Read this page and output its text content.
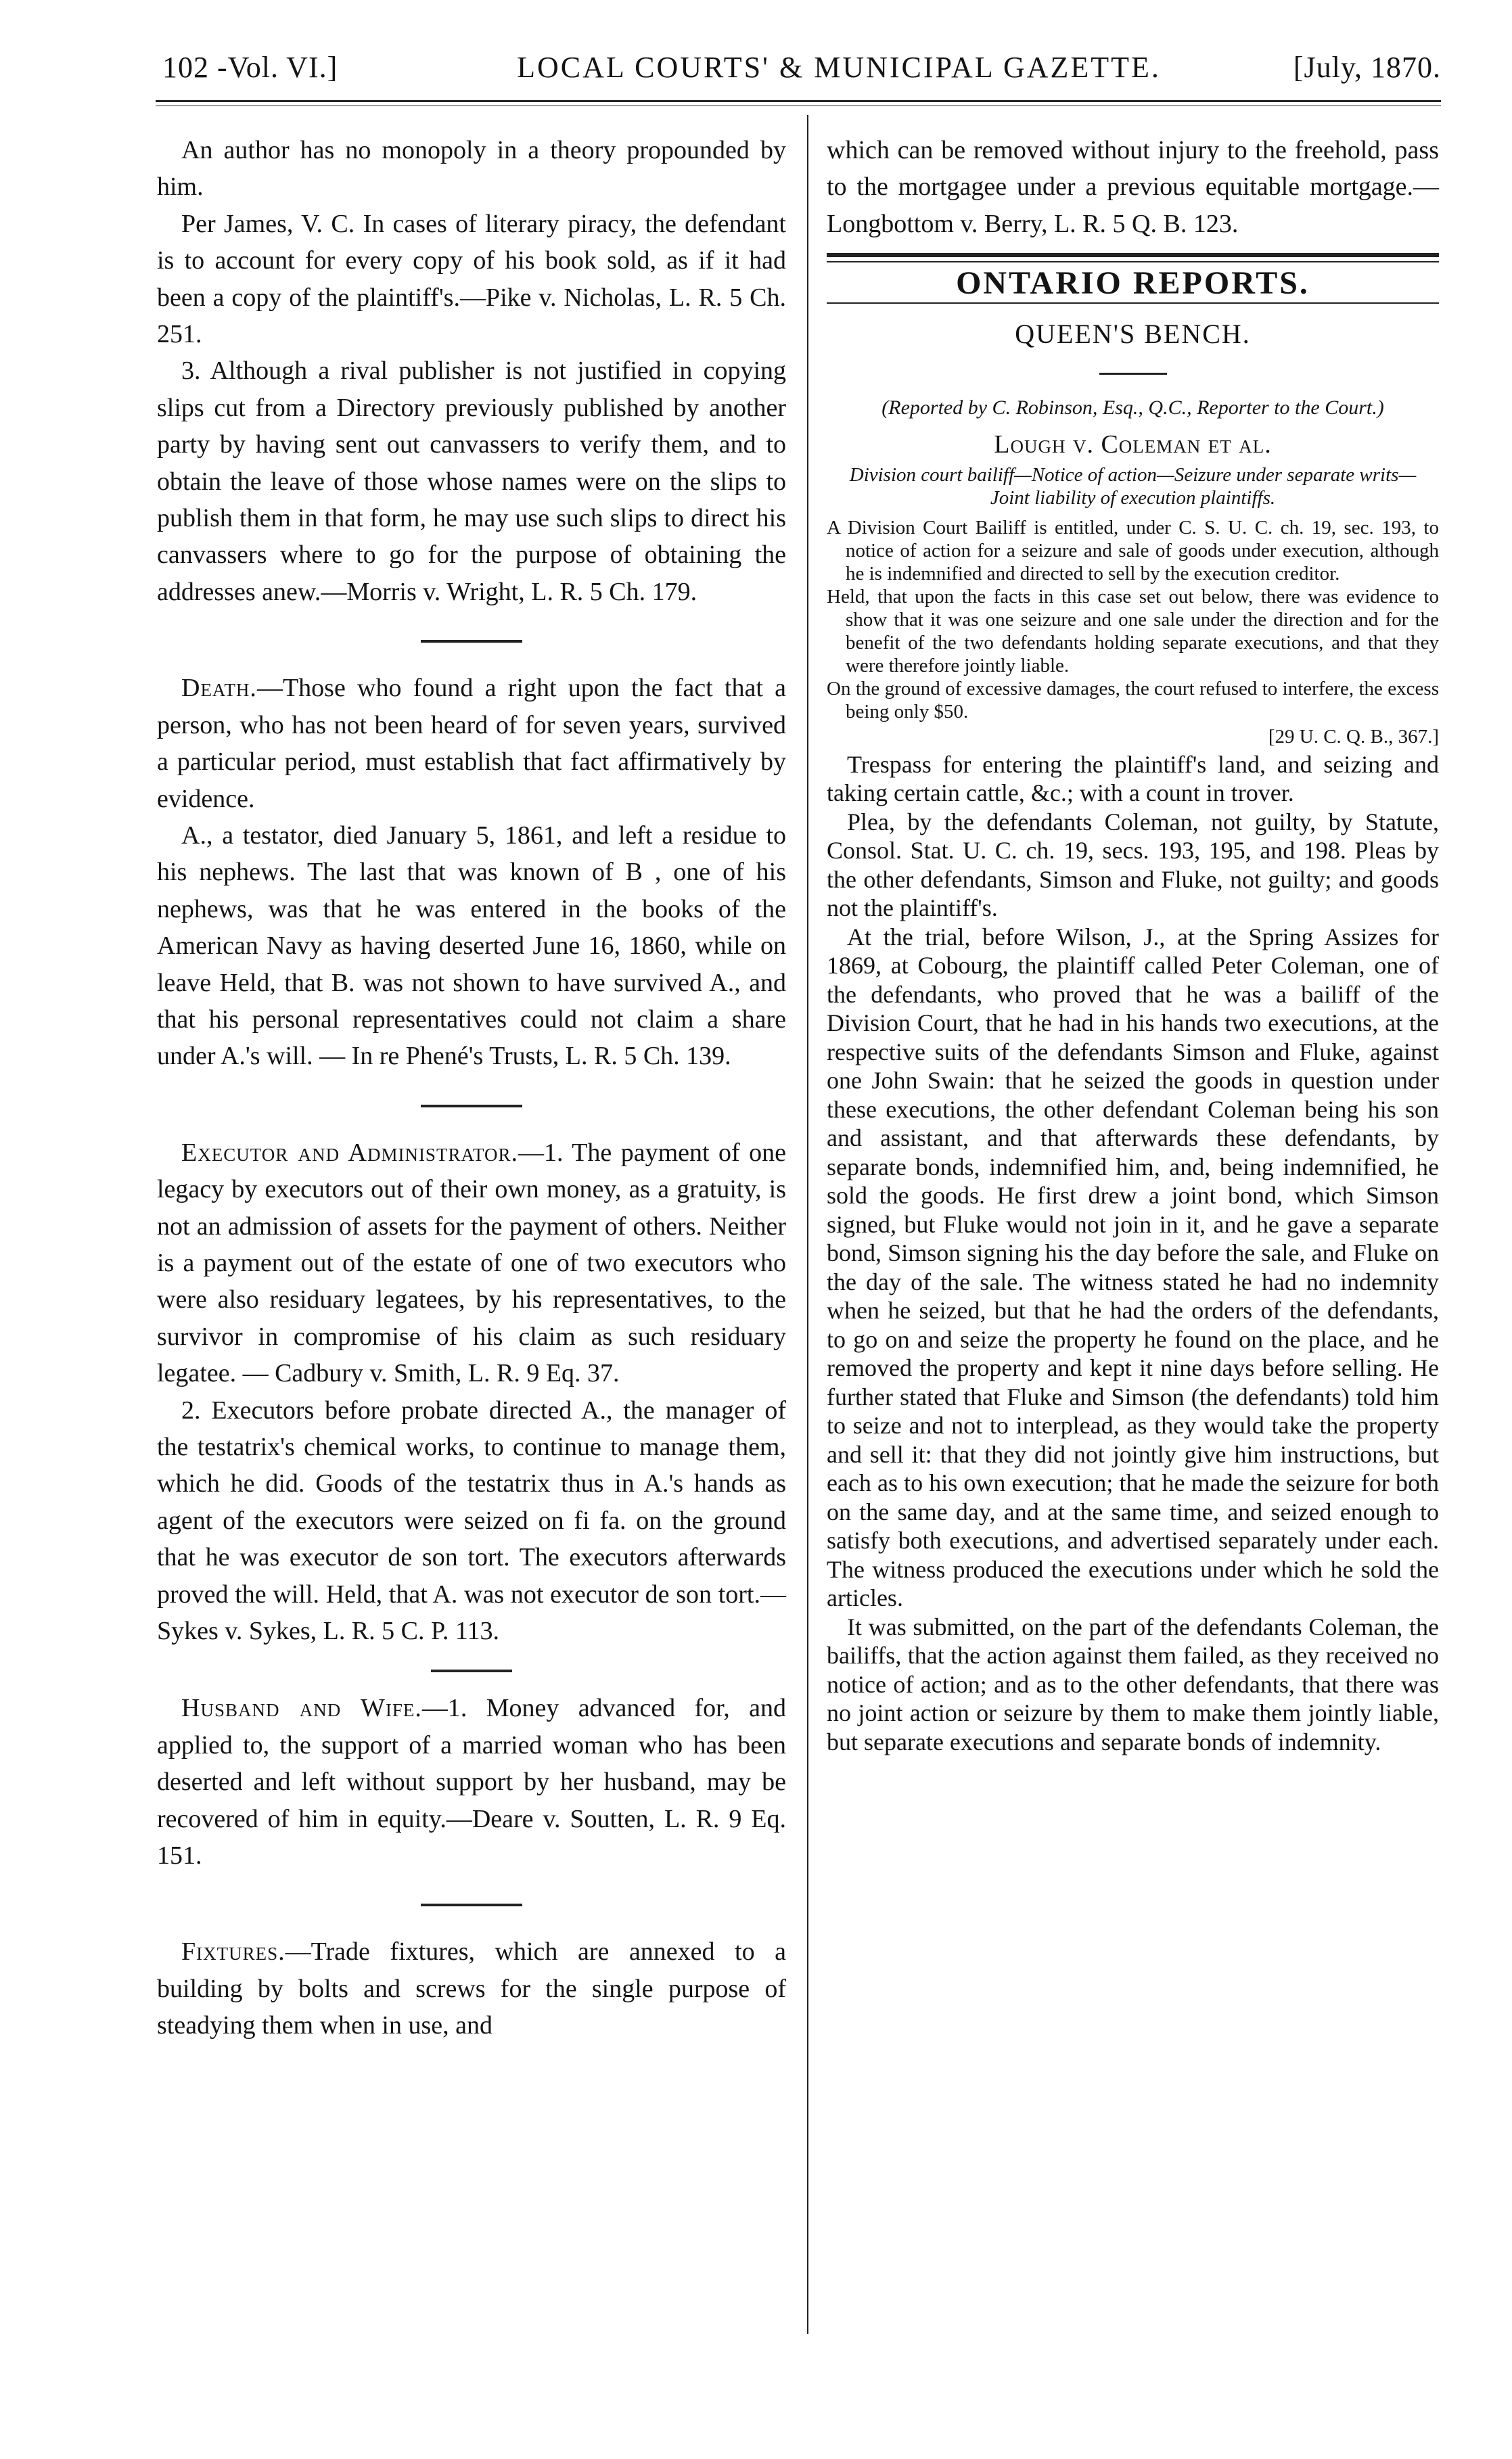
102 -Vol. VI.]	LOCAL COURTS' & MUNICIPAL GAZETTE.	[July, 1870.

An author has no monopoly in a theory propounded by him.

Per James, V. C. In cases of literary piracy, the defendant is to account for every copy of his book sold, as if it had been a copy of the plaintiff's.—Pike v. Nicholas, L. R. 5 Ch. 251.

3. Although a rival publisher is not justified in copying slips cut from a Directory previously published by another party by having sent out canvassers to verify them, and to obtain the leave of those whose names were on the slips to publish them in that form, he may use such slips to direct his canvassers where to go for the purpose of obtaining the addresses anew.—Morris v. Wright, L. R. 5 Ch. 179.

Death.—Those who found a right upon the fact that a person, who has not been heard of for seven years, survived a particular period, must establish that fact affirmatively by evidence.

A., a testator, died January 5, 1861, and left a residue to his nephews. The last that was known of B , one of his nephews, was that he was entered in the books of the American Navy as having deserted June 16, 1860, while on leave Held, that B. was not shown to have survived A., and that his personal representatives could not claim a share under A.'s will. — In re Phené's Trusts, L. R. 5 Ch. 139.

Executor and Administrator.—1. The payment of one legacy by executors out of their own money, as a gratuity, is not an admission of assets for the payment of others. Neither is a payment out of the estate of one of two executors who were also residuary legatees, by his representatives, to the survivor in compromise of his claim as such residuary legatee. — Cadbury v. Smith, L. R. 9 Eq. 37.

2. Executors before probate directed A., the manager of the testatrix's chemical works, to continue to manage them, which he did. Goods of the testatrix thus in A.'s hands as agent of the executors were seized on fi fa. on the ground that he was executor de son tort. The executors afterwards proved the will. Held, that A. was not executor de son tort.—Sykes v. Sykes, L. R. 5 C. P. 113.

Husband and Wife.—1. Money advanced for, and applied to, the support of a married woman who has been deserted and left without support by her husband, may be recovered of him in equity.—Deare v. Soutten, L. R. 9 Eq. 151.

Fixtures.—Trade fixtures, which are annexed to a building by bolts and screws for the single purpose of steadying them when in use, and

which can be removed without injury to the freehold, pass to the mortgagee under a previous equitable mortgage.—Longbottom v. Berry, L. R. 5 Q. B. 123.

ONTARIO REPORTS.

QUEEN'S BENCH.

(Reported by C. Robinson, Esq., Q.C., Reporter to the Court.)

Lough v. Coleman et al.

Division court bailiff—Notice of action—Seizure under separate writs—Joint liability of execution plaintiffs.

A Division Court Bailiff is entitled, under C. S. U. C. ch. 19, sec. 193, to notice of action for a seizure and sale of goods under execution, although he is indemnified and directed to sell by the execution creditor.

Held, that upon the facts in this case set out below, there was evidence to show that it was one seizure and one sale under the direction and for the benefit of the two defendants holding separate executions, and that they were therefore jointly liable.

On the ground of excessive damages, the court refused to interfere, the excess being only $50.

[29 U. C. Q. B., 367.]

Trespass for entering the plaintiff's land, and seizing and taking certain cattle, &c.; with a count in trover.

Plea, by the defendants Coleman, not guilty, by Statute, Consol. Stat. U. C. ch. 19, secs. 193, 195, and 198. Pleas by the other defendants, Simson and Fluke, not guilty; and goods not the plaintiff's.

At the trial, before Wilson, J., at the Spring Assizes for 1869, at Cobourg, the plaintiff called Peter Coleman, one of the defendants, who proved that he was a bailiff of the Division Court, that he had in his hands two executions, at the respective suits of the defendants Simson and Fluke, against one John Swain: that he seized the goods in question under these executions, the other defendant Coleman being his son and assistant, and that afterwards these defendants, by separate bonds, indemnified him, and, being indemnified, he sold the goods. He first drew a joint bond, which Simson signed, but Fluke would not join in it, and he gave a separate bond, Simson signing his the day before the sale, and Fluke on the day of the sale. The witness stated he had no indemnity when he seized, but that he had the orders of the defendants, to go on and seize the property he found on the place, and he removed the property and kept it nine days before selling. He further stated that Fluke and Simson (the defendants) told him to seize and not to interplead, as they would take the property and sell it: that they did not jointly give him instructions, but each as to his own execution; that he made the seizure for both on the same day, and at the same time, and seized enough to satisfy both executions, and advertised separately under each. The witness produced the executions under which he sold the articles.

It was submitted, on the part of the defendants Coleman, the bailiffs, that the action against them failed, as they received no notice of action; and as to the other defendants, that there was no joint action or seizure by them to make them jointly liable, but separate executions and separate bonds of indemnity.
